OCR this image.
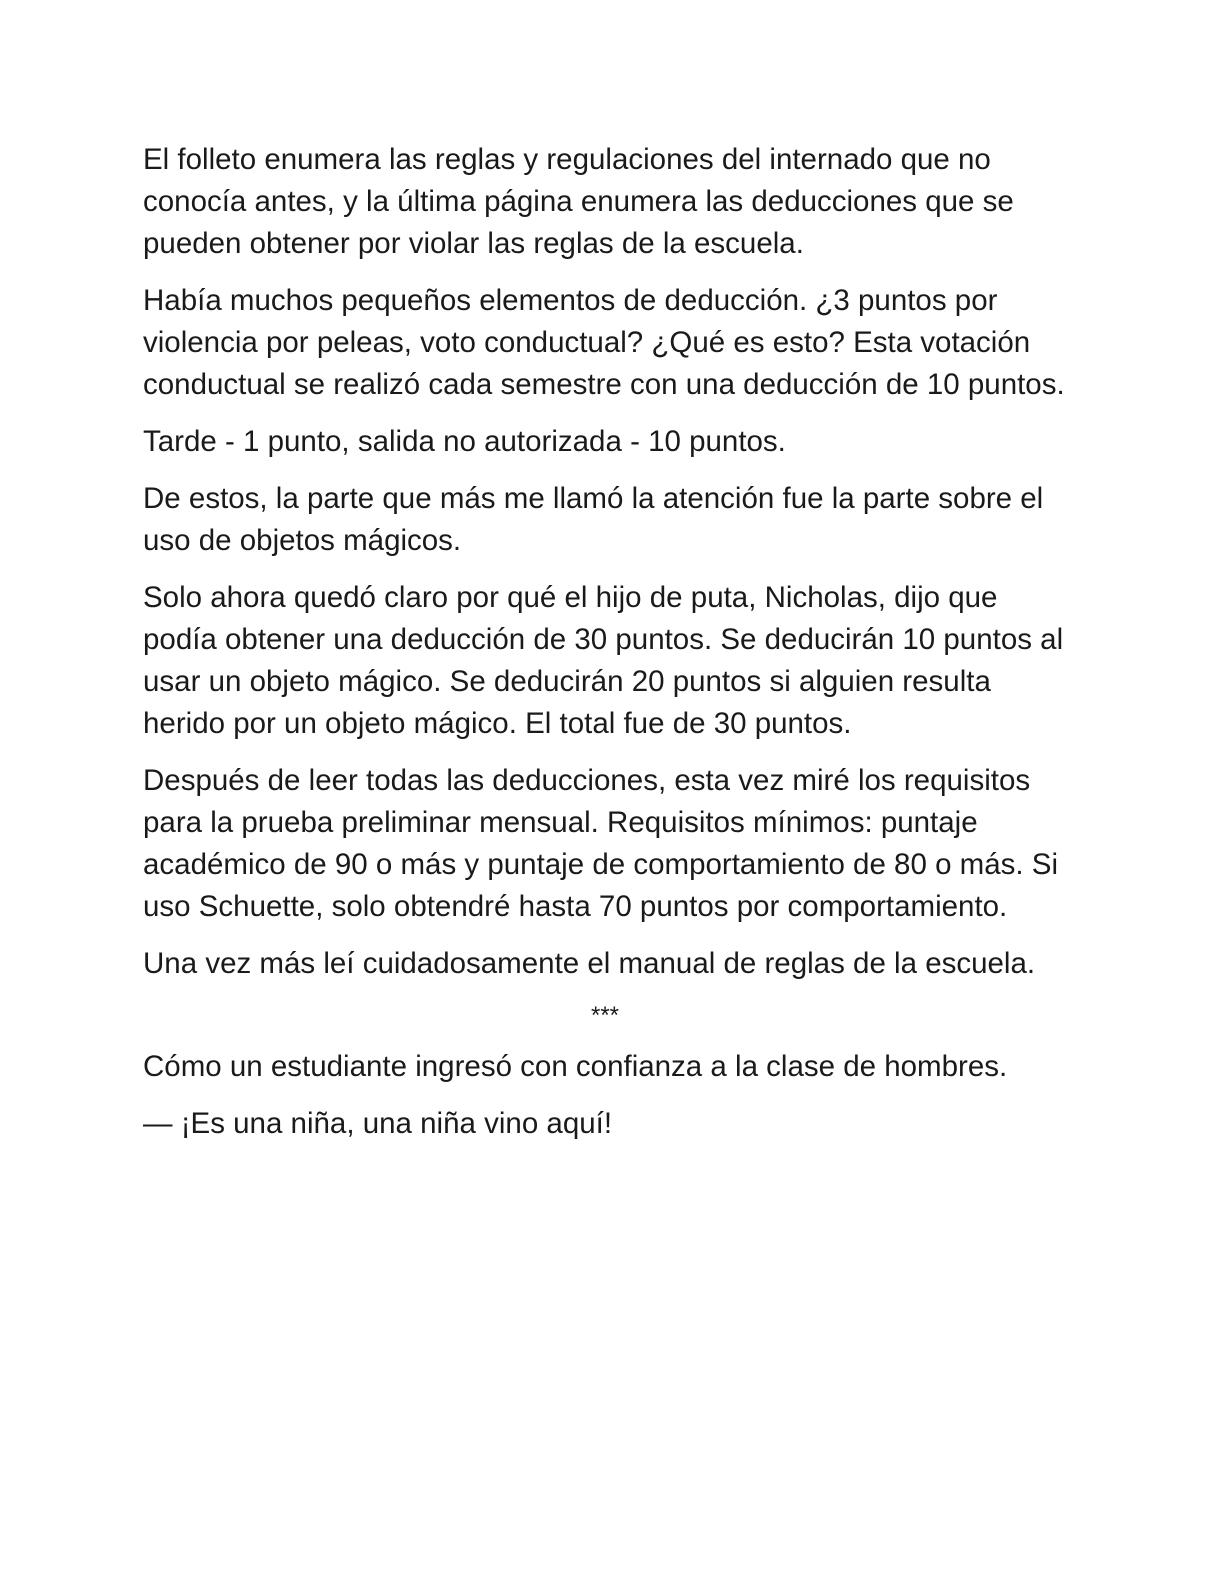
El folleto enumera las reglas y regulaciones del internado que no conocía antes, y la última página enumera las deducciones que se pueden obtener por violar las reglas de la escuela.

Había muchos pequeños elementos de deducción. ¿3 puntos por violencia por peleas, voto conductual? ¿Qué es esto? Esta votación conductual se realizó cada semestre con una deducción de 10 puntos.

Tarde - 1 punto, salida no autorizada - 10 puntos.

De estos, la parte que más me llamó la atención fue la parte sobre el uso de objetos mágicos.

Solo ahora quedó claro por qué el hijo de puta, Nicholas, dijo que podía obtener una deducción de 30 puntos. Se deducirán 10 puntos al usar un objeto mágico. Se deducirán 20 puntos si alguien resulta herido por un objeto mágico. El total fue de 30 puntos.

Después de leer todas las deducciones, esta vez miré los requisitos para la prueba preliminar mensual. Requisitos mínimos: puntaje académico de 90 o más y puntaje de comportamiento de 80 o más. Si uso Schuette, solo obtendré hasta 70 puntos por comportamiento.

Una vez más leí cuidadosamente el manual de reglas de la escuela.

***

Cómo un estudiante ingresó con confianza a la clase de hombres.

— ¡Es una niña, una niña vino aquí!
